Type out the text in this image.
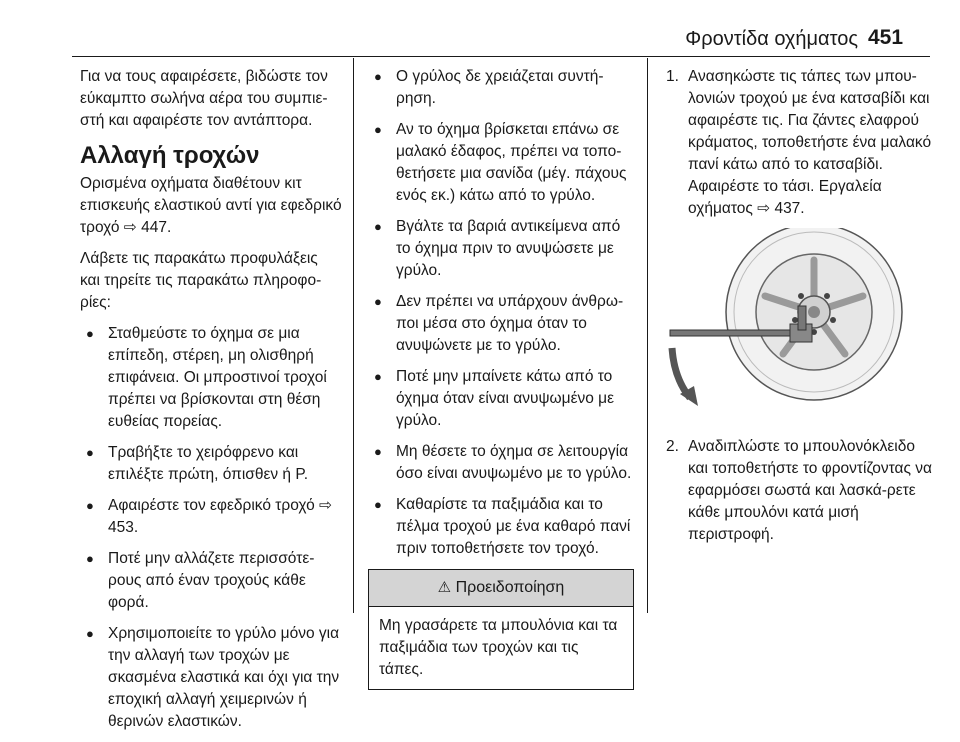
Φροντίδα οχήματος 451

Για να τους αφαιρέσετε, βιδώστε τον εύκαμπτο σωλήνα αέρα του συμπιε-στή και αφαιρέστε τον αντάπτορα.

Αλλαγή τροχών

Ορισμένα οχήματα διαθέτουν κιτ επισκευής ελαστικού αντί για εφεδρικό τροχό ⇨ 447.

Λάβετε τις παρακάτω προφυλάξεις και τηρείτε τις παρακάτω πληροφο-ρίες:

● Σταθμεύστε το όχημα σε μια επίπεδη, στέρεη, μη ολισθηρή επιφάνεια. Οι μπροστινοί τροχοί πρέπει να βρίσκονται στη θέση ευθείας πορείας.
● Τραβήξτε το χειρόφρενο και επιλέξτε πρώτη, όπισθεν ή P.
● Αφαιρέστε τον εφεδρικό τροχό ⇨ 453.
● Ποτέ μην αλλάζετε περισσότε-ρους από έναν τροχούς κάθε φορά.
● Χρησιμοποιείτε το γρύλο μόνο για την αλλαγή των τροχών με σκασμένα ελαστικά και όχι για την εποχική αλλαγή χειμερινών ή θερινών ελαστικών.
● Ο γρύλος δε χρειάζεται συντή-ρηση.
● Αν το όχημα βρίσκεται επάνω σε μαλακό έδαφος, πρέπει να τοπο-θετήσετε μια σανίδα (μέγ. πάχους ενός εκ.) κάτω από το γρύλο.
● Βγάλτε τα βαριά αντικείμενα από το όχημα πριν το ανυψώσετε με γρύλο.
● Δεν πρέπει να υπάρχουν άνθρω-ποι μέσα στο όχημα όταν το ανυψώνετε με το γρύλο.
● Ποτέ μην μπαίνετε κάτω από το όχημα όταν είναι ανυψωμένο με γρύλο.
● Μη θέσετε το όχημα σε λειτουργία όσο είναι ανυψωμένο με το γρύλο.
● Καθαρίστε τα παξιμάδια και το πέλμα τροχού με ένα καθαρό πανί πριν τοποθετήσετε τον τροχό.
⚠ Προειδοποίηση
Μη γρασάρετε τα μπουλόνια και τα παξιμάδια των τροχών και τις τάπες.
1. Ανασηκώστε τις τάπες των μπου-λονιών τροχού με ένα κατσαβίδι και αφαιρέστε τις. Για ζάντες ελαφρού κράματος, τοποθετήστε ένα μαλακό πανί κάτω από το κατσαβίδι. Αφαιρέστε το τάσι. Εργαλεία οχήματος ⇨ 437.
2. Αναδιπλώστε το μπουλονόκλειδο και τοποθετήστε το φροντίζοντας να εφαρμόσει σωστά και λασκά-ρετε κάθε μπουλόνι κατά μισή περιστροφή.
